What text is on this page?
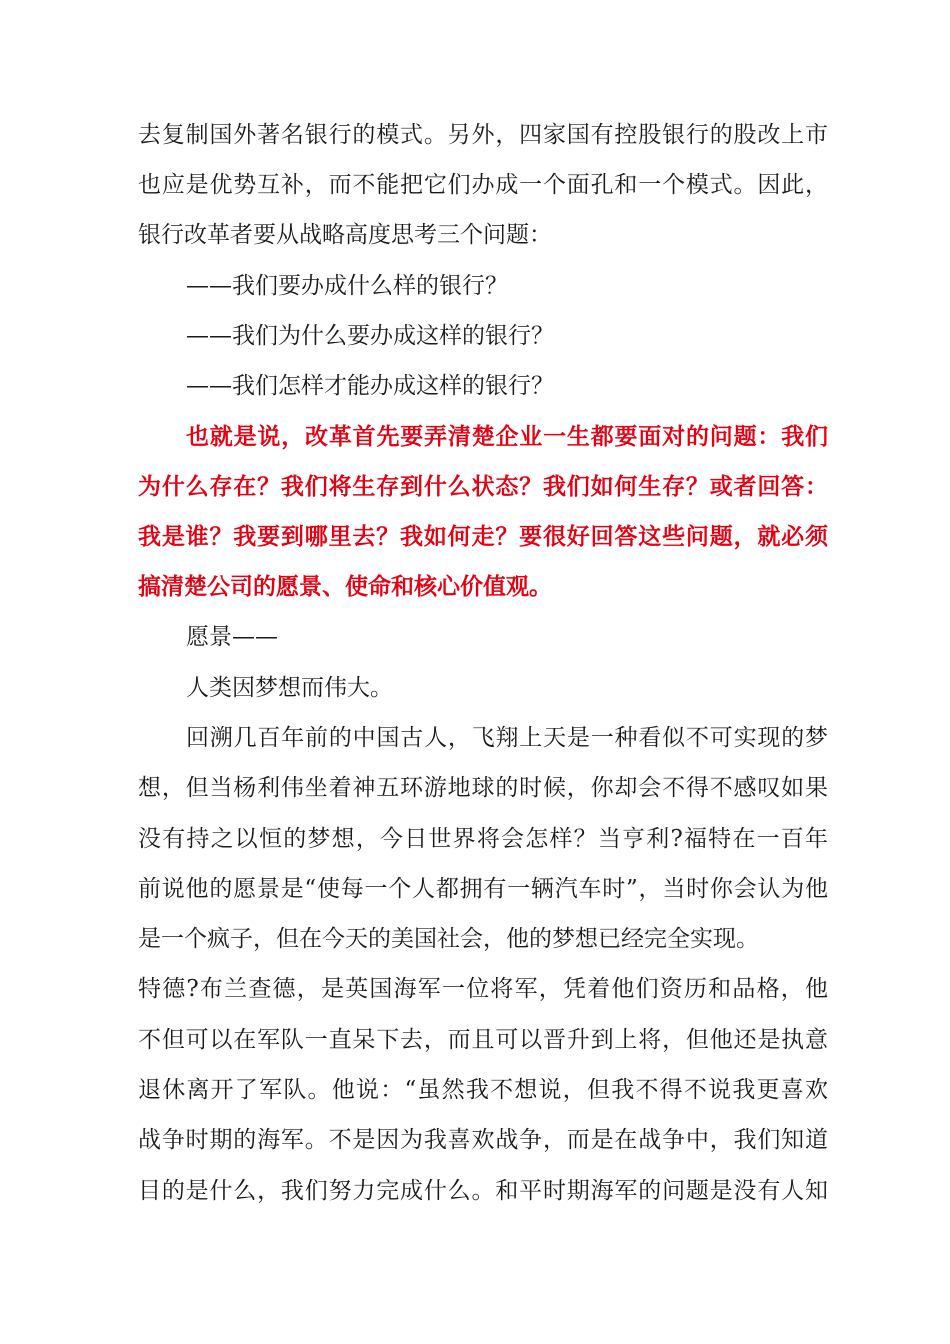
去复制国外著名银行的模式。另外，四家国有控股银行的股改上市
也应是优势互补，而不能把它们办成一个面孔和一个模式。因此，
银行改革者要从战略高度思考三个问题：
——我们要办成什么样的银行？
——我们为什么要办成这样的银行？
——我们怎样才能办成这样的银行？
也就是说，改革首先要弄清楚企业一生都要面对的问题：我们
为什么存在？我们将生存到什么状态？我们如何生存？或者回答：
我是谁？我要到哪里去？我如何走？要很好回答这些问题，就必须
搞清楚公司的愿景、使命和核心价值观。
愿景——
人类因梦想而伟大。
回溯几百年前的中国古人，飞翔上天是一种看似不可实现的梦
想，但当杨利伟坐着神五环游地球的时候，你却会不得不感叹如果
没有持之以恒的梦想，今日世界将会怎样？当亨利?福特在一百年
前说他的愿景是“使每一个人都拥有一辆汽车时”，当时你会认为他
是一个疯子，但在今天的美国社会，他的梦想已经完全实现。
特德?布兰查德，是英国海军一位将军，凭着他们资历和品格，他
不但可以在军队一直呆下去，而且可以晋升到上将，但他还是执意
退休离开了军队。他说：“虽然我不想说，但我不得不说我更喜欢
战争时期的海军。不是因为我喜欢战争，而是在战争中，我们知道
目的是什么，我们努力完成什么。和平时期海军的问题是没有人知
